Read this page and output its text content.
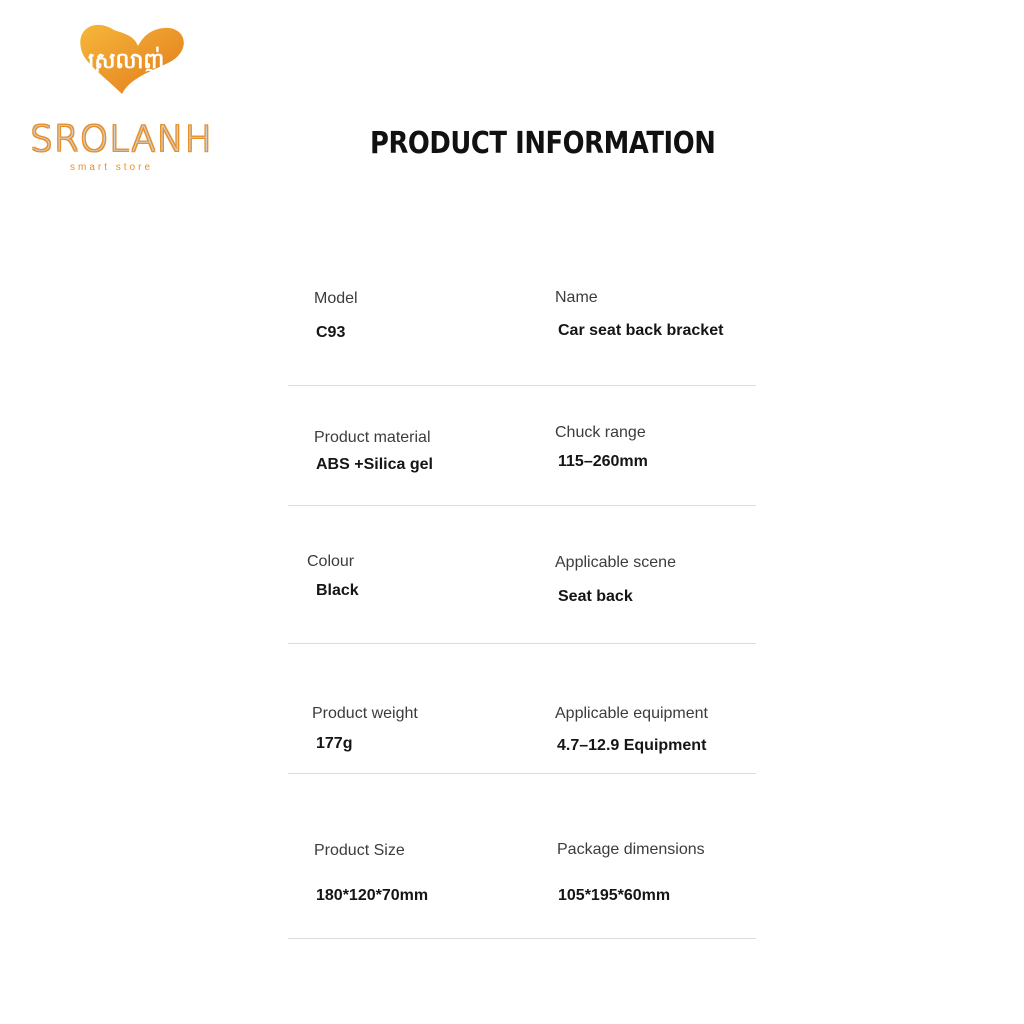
ស្រលាញ់
SROLANH
smart store
PRODUCT INFORMATION
Model
C93
Name
Car seat back bracket
Product material
ABS +Silica gel
Chuck range
115–260mm
Colour
Black
Applicable scene
Seat back
Product weight
177g
Applicable equipment
4.7–12.9 Equipment
Product Size
180*120*70mm
Package dimensions
105*195*60mm
